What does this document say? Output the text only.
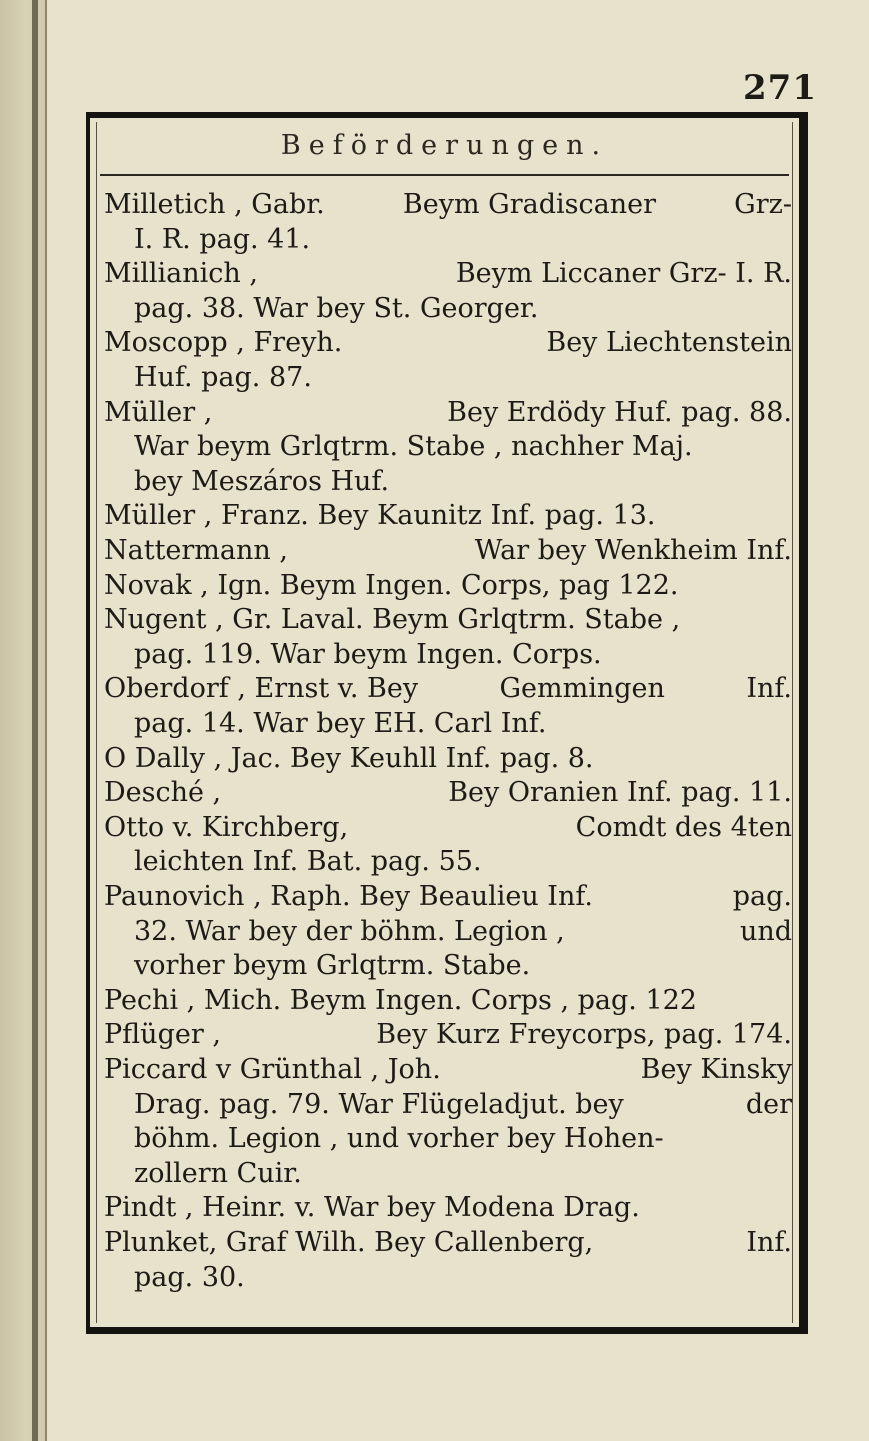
271
Beförderungen.
Milletich , Gabr.	Beym Gradiscaner	Grz-
I. R. pag. 41.
Millianich ,	Beym Liccaner Grz- I. R.
pag. 38. War bey St. Georger.
Moscopp , Freyh.	Bey Liechtenstein
Huf. pag. 87.
Müller ,	Bey Erdödy Huf. pag. 88.
War beym Grlqtrm. Stabe , nachher Maj.
bey Meszáros Huf.
Müller , Franz. Bey Kaunitz Inf. pag. 13.
Nattermann ,	War bey Wenkheim Inf.
Novak , Ign. Beym Ingen. Corps, pag 122.
Nugent , Gr. Laval. Beym Grlqtrm. Stabe ,
pag. 119. War beym Ingen. Corps.
Oberdorf , Ernst v. Bey	Gemmingen	Inf.
pag. 14. War bey EH. Carl Inf.
O Dally , Jac. Bey Keuhll Inf. pag. 8.
Desché ,	Bey Oranien Inf. pag. 11.
Otto v. Kirchberg,	Comdt des 4ten
leichten Inf. Bat. pag. 55.
Paunovich , Raph. Bey Beaulieu Inf.	pag.
32. War bey der böhm. Legion ,	und
vorher beym Grlqtrm. Stabe.
Pechi , Mich. Beym Ingen. Corps , pag. 122
Pflüger ,	Bey Kurz Freycorps, pag. 174.
Piccard v Grünthal , Joh.	Bey Kinsky
Drag. pag. 79. War Flügeladjut. bey	der
böhm. Legion , und vorher bey Hohen-
zollern Cuir.
Pindt , Heinr. v. War bey Modena Drag.
Plunket, Graf Wilh. Bey Callenberg,	Inf.
pag. 30.
